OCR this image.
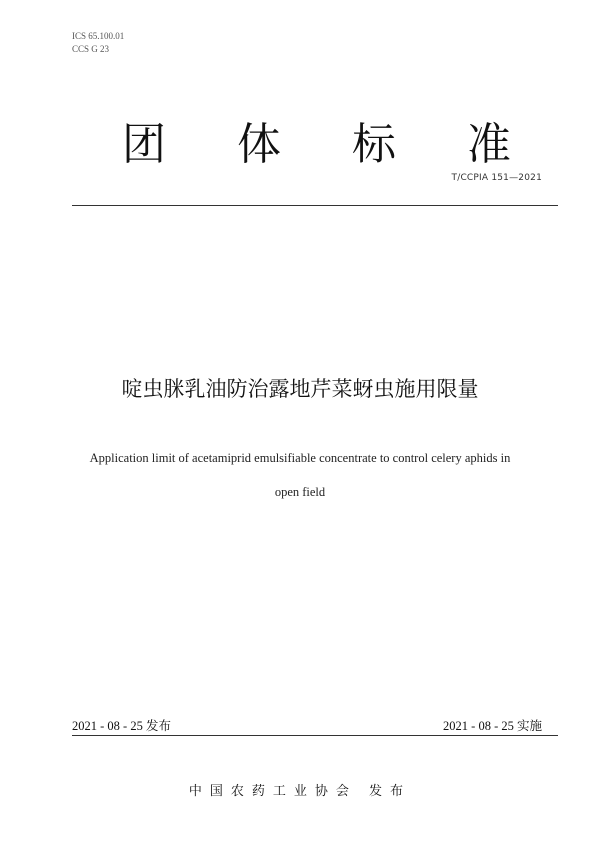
ICS 65.100.01
CCS G 23
团 体 标 准
T/CCPIA 151—2021
啶虫脒乳油防治露地芹菜蚜虫施用限量
Application limit of acetamiprid emulsifiable concentrate to control celery aphids in
open field
2021 - 08 - 25 发布	2021 - 08 - 25 实施
中国农药工业协会 发布
